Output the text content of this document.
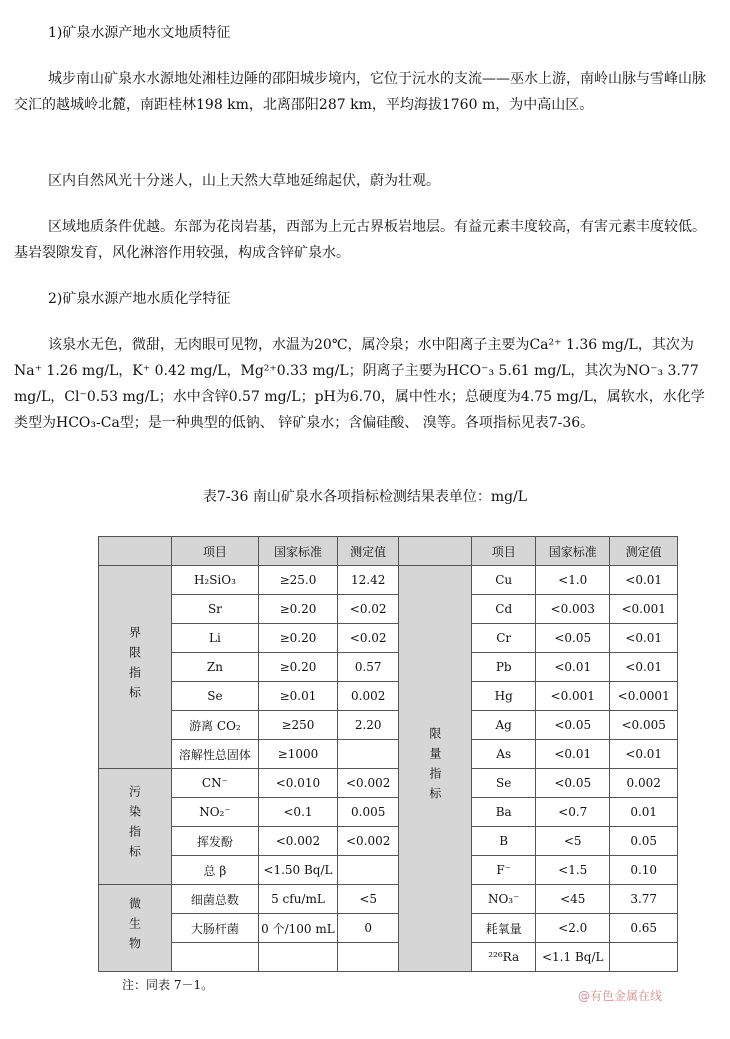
1)矿泉水源产地水文地质特征
城步南山矿泉水水源地处湘桂边陲的邵阳城步境内，它位于沅水的支流——巫水上游，南岭山脉与雪峰山脉交汇的越城岭北麓，南距桂林198 km，北离邵阳287 km，平均海拔1760 m，为中高山区。
区内自然风光十分迷人，山上天然大草地延绵起伏，蔚为壮观。
区域地质条件优越。东部为花岗岩基，西部为上元古界板岩地层。有益元素丰度较高，有害元素丰度较低。基岩裂隙发育，风化淋溶作用较强，构成含锌矿泉水。
2)矿泉水源产地水质化学特征
该泉水无色，微甜，无肉眼可见物，水温为20℃，属冷泉；水中阳离子主要为Ca²⁺ 1.36 mg/L，其次为Na⁺ 1.26 mg/L，K⁺ 0.42 mg/L，Mg²⁺0.33 mg/L；阴离子主要为HCO⁻₃ 5.61 mg/L，其次为NO⁻₃ 3.77 mg/L，Cl⁻0.53 mg/L；水中含锌0.57 mg/L；pH为6.70，属中性水；总硬度为4.75 mg/L，属软水，水化学类型为HCO₃-Ca型；是一种典型的低钠、 锌矿泉水；含偏硅酸、 溴等。各项指标见表7-36。
表7-36 南山矿泉水各项指标检测结果表单位：mg/L
	项目	国家标准	测定值		项目	国家标准	测定值
界限指标	H₂SiO₃	≥25.0	12.42	限量指标	Cu	<1.0	<0.01
	Sr	≥0.20	<0.02		Cd	<0.003	<0.001
	Li	≥0.20	<0.02		Cr	<0.05	<0.01
	Zn	≥0.20	0.57		Pb	<0.01	<0.01
	Se	≥0.01	0.002		Hg	<0.001	<0.0001
	游离 CO₂	≥250	2.20		Ag	<0.05	<0.005
	溶解性总固体	≥1000			As	<0.01	<0.01
污染指标	CN⁻	<0.010	<0.002		Se	<0.05	0.002
	NO₂⁻	<0.1	0.005		Ba	<0.7	0.01
	挥发酚	<0.002	<0.002		B	<5	0.05
	总 β	<1.50 Bq/L			F⁻	<1.5	0.10
微生物	细菌总数	5 cfu/mL	<5		NO₃⁻	<45	3.77
	大肠杆菌	0 个/100 mL	0		耗氧量	<2.0	0.65
					²²⁶Ra	<1.1 Bq/L	
注：同表 7－1。
@有色金属在线
